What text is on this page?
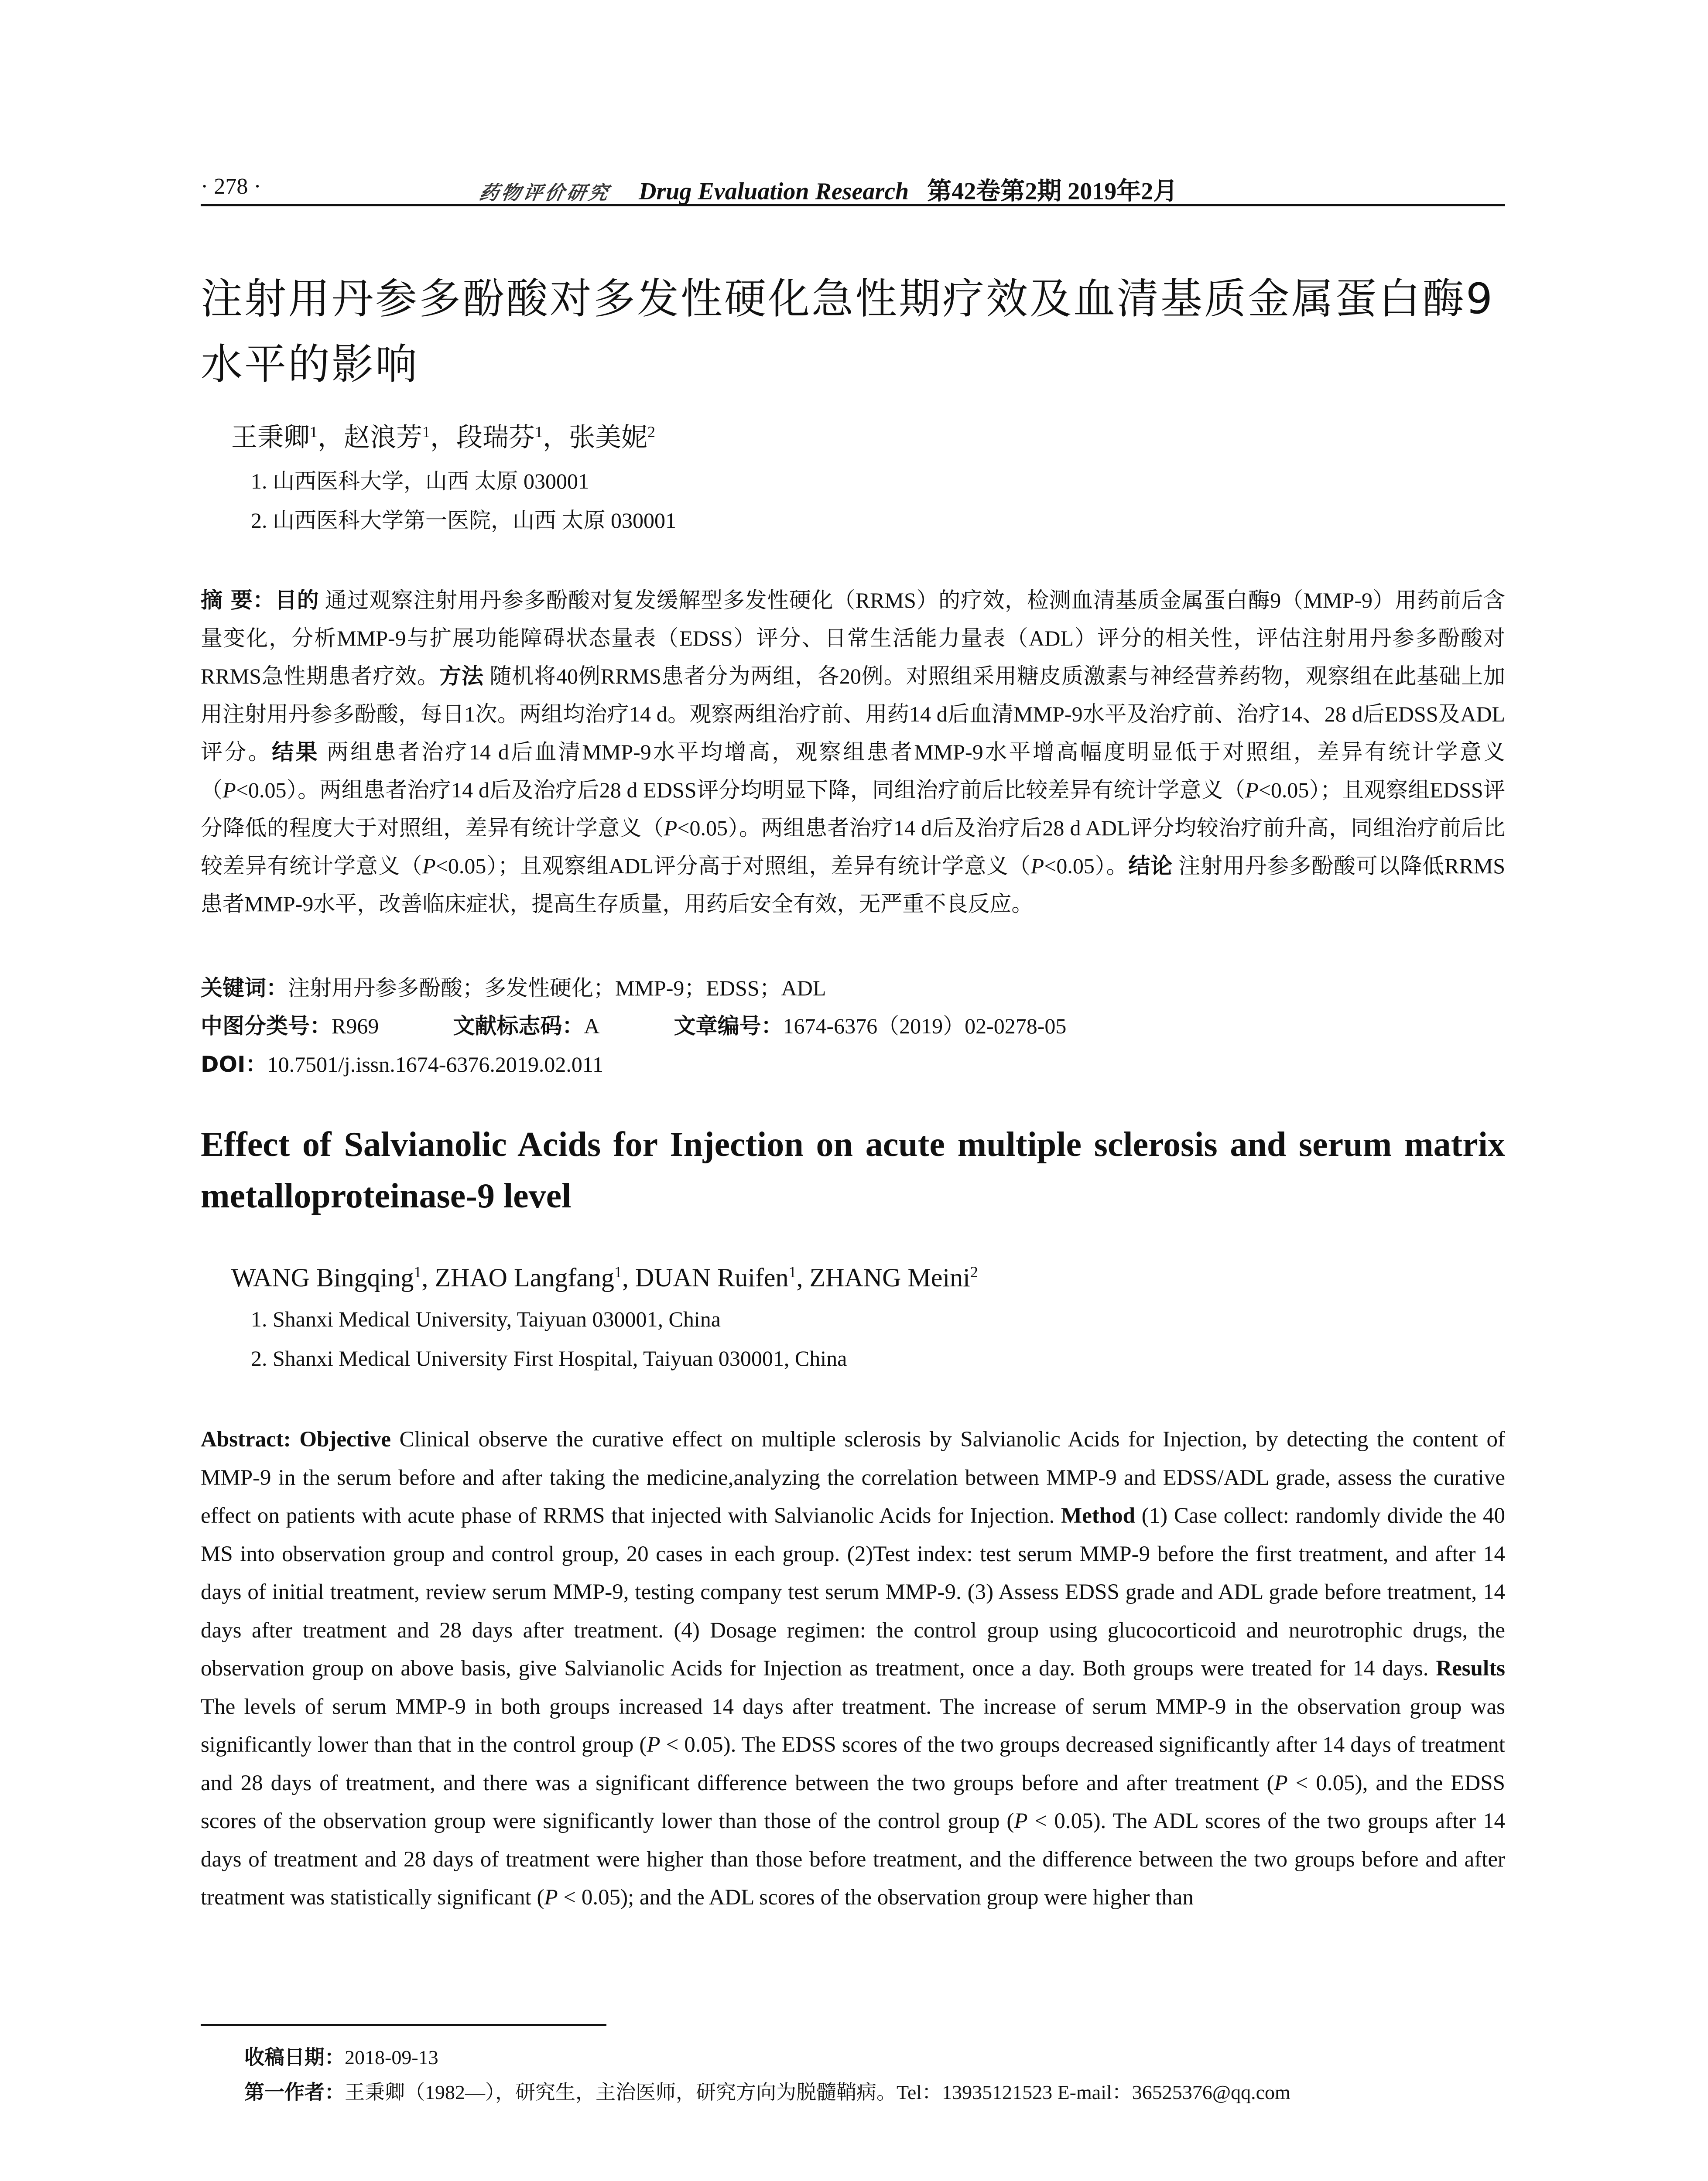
· 278 ·	药物评价研究 Drug Evaluation Research 第42卷第2期 2019年2月
注射用丹参多酚酸对多发性硬化急性期疗效及血清基质金属蛋白酶9水平的影响
王秉卿$^1$，赵浪芳$^1$，段瑞芬$^1$，张美妮$^2$
1. 山西医科大学，山西 太原 030001
2. 山西医科大学第一医院，山西 太原 030001

摘 要：目的 通过观察注射用丹参多酚酸对复发缓解型多发性硬化（RRMS）的疗效，检测血清基质金属蛋白酶9（MMP-9）用药前后含量变化，分析MMP-9与扩展功能障碍状态量表（EDSS）评分、日常生活能力量表（ADL）评分的相关性，评估注射用丹参多酚酸对RRMS急性期患者疗效。方法 随机将40例RRMS患者分为两组，各20例。对照组采用糖皮质激素与神经营养药物，观察组在此基础上加用注射用丹参多酚酸，每日1次。两组均治疗14 d。观察两组治疗前、用药14 d后血清MMP-9水平及治疗前、治疗14、28 d后EDSS及ADL评分。结果 两组患者治疗14 d后血清MMP-9水平均增高，观察组患者MMP-9水平增高幅度明显低于对照组，差异有统计学意义（P<0.05）。两组患者治疗14 d后及治疗后28 d EDSS评分均明显下降，同组治疗前后比较差异有统计学意义（P<0.05）；且观察组EDSS评分降低的程度大于对照组，差异有统计学意义（P<0.05）。两组患者治疗14 d后及治疗后28 d ADL评分均较治疗前升高，同组治疗前后比较差异有统计学意义（P<0.05）；且观察组ADL评分高于对照组，差异有统计学意义（P<0.05）。结论 注射用丹参多酚酸可以降低RRMS患者MMP-9水平，改善临床症状，提高生存质量，用药后安全有效，无严重不良反应。

关键词：注射用丹参多酚酸；多发性硬化；MMP-9；EDSS；ADL
中图分类号：R969	文献标志码：A	文章编号：1674-6376（2019）02-0278-05
DOI：10.7501/j.issn.1674-6376.2019.02.011
Effect of Salvianolic Acids for Injection on acute multiple sclerosis and serum matrix metalloproteinase-9 level
WANG Bingqing$^1$, ZHAO Langfang$^1$, DUAN Ruifen$^1$, ZHANG Meini$^2$
1. Shanxi Medical University, Taiyuan 030001, China
2. Shanxi Medical University First Hospital, Taiyuan 030001, China

Abstract: Objective Clinical observe the curative effect on multiple sclerosis by Salvianolic Acids for Injection, by detecting the content of MMP-9 in the serum before and after taking the medicine,analyzing the correlation between MMP-9 and EDSS/ADL grade, assess the curative effect on patients with acute phase of RRMS that injected with Salvianolic Acids for Injection. Method (1) Case collect: randomly divide the 40 MS into observation group and control group, 20 cases in each group. (2)Test index: test serum MMP-9 before the first treatment, and after 14 days of initial treatment, review serum MMP-9, testing company test serum MMP-9. (3) Assess EDSS grade and ADL grade before treatment, 14 days after treatment and 28 days after treatment. (4) Dosage regimen: the control group using glucocorticoid and neurotrophic drugs, the observation group on above basis, give Salvianolic Acids for Injection as treatment, once a day. Both groups were treated for 14 days. Results The levels of serum MMP-9 in both groups increased 14 days after treatment. The increase of serum MMP-9 in the observation group was significantly lower than that in the control group (P < 0.05). The EDSS scores of the two groups decreased significantly after 14 days of treatment and 28 days of treatment, and there was a significant difference between the two groups before and after treatment (P < 0.05), and the EDSS scores of the observation group were significantly lower than those of the control group (P < 0.05). The ADL scores of the two groups after 14 days of treatment and 28 days of treatment were higher than those before treatment, and the difference between the two groups before and after treatment was statistically significant (P < 0.05); and the ADL scores of the observation group were higher than

收稿日期：2018-09-13
第一作者：王秉卿（1982—），研究生，主治医师，研究方向为脱髓鞘病。Tel：13935121523 E-mail：36525376@qq.com
